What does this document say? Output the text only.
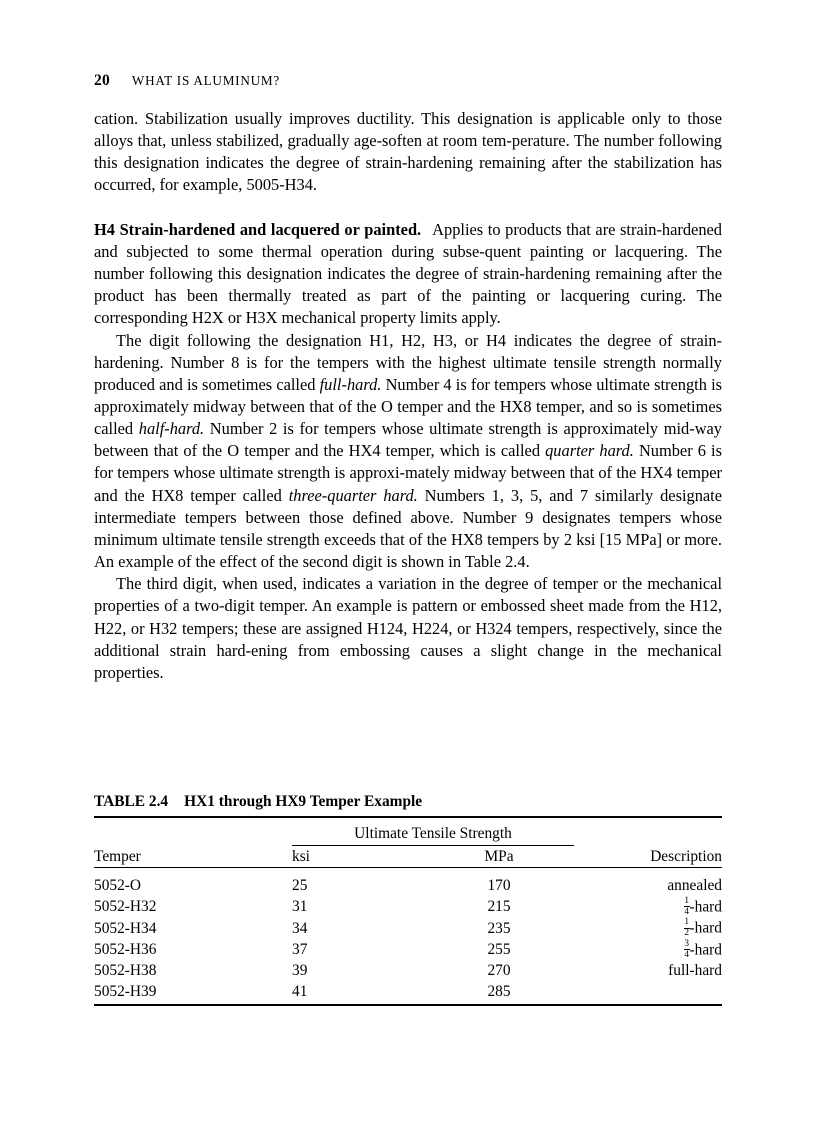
20 WHAT IS ALUMINUM?

cation. Stabilization usually improves ductility. This designation is applicable only to those alloys that, unless stabilized, gradually age-soften at room tem-perature. The number following this designation indicates the degree of strain-hardening remaining after the stabilization has occurred, for example, 5005-H34.

H4 Strain-hardened and lacquered or painted. Applies to products that are strain-hardened and subjected to some thermal operation during subse-quent painting or lacquering. The number following this designation indicates the degree of strain-hardening remaining after the product has been thermally treated as part of the painting or lacquering curing. The corresponding H2X or H3X mechanical property limits apply.

The digit following the designation H1, H2, H3, or H4 indicates the degree of strain-hardening. Number 8 is for the tempers with the highest ultimate tensile strength normally produced and is sometimes called full-hard. Number 4 is for tempers whose ultimate strength is approximately midway between that of the O temper and the HX8 temper, and so is sometimes called half-hard. Number 2 is for tempers whose ultimate strength is approximately mid-way between that of the O temper and the HX4 temper, which is called quarter hard. Number 6 is for tempers whose ultimate strength is approxi-mately midway between that of the HX4 temper and the HX8 temper called three-quarter hard. Numbers 1, 3, 5, and 7 similarly designate intermediate tempers between those defined above. Number 9 designates tempers whose minimum ultimate tensile strength exceeds that of the HX8 tempers by 2 ksi [15 MPa] or more. An example of the effect of the second digit is shown in Table 2.4.

The third digit, when used, indicates a variation in the degree of temper or the mechanical properties of a two-digit temper. An example is pattern or embossed sheet made from the H12, H22, or H32 tempers; these are assigned H124, H224, or H324 tempers, respectively, since the additional strain hard-ening from embossing causes a slight change in the mechanical properties.

TABLE 2.4 HX1 through HX9 Temper Example

	Ultimate Tensile Strength		
Temper	ksi	MPa	Description

5052-O	25	170	annealed
5052-H32	31	215	$\frac{1}{4}$ -hard
5052-H34	34	235	$\frac{1}{2}$ -hard
5052-H36	37	255	$\frac{3}{4}$ -hard
5052-H38	39	270	full-hard
5052-H39	41	285	
